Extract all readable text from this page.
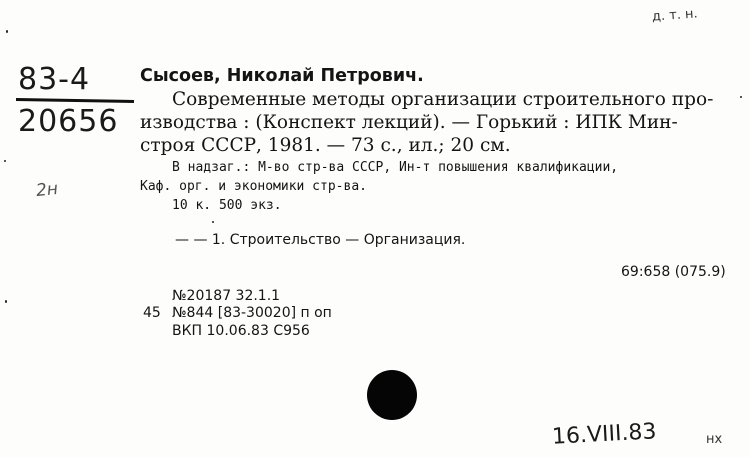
д. т. н.
83-4
20656
2н
Сысоев, Николай Петрович.
Современные методы организации строительного про-
изводства : (Конспект лекций). — Горький : ИПК Мин-
строя СССР, 1981. — 73 с., ил.; 20 см.
В надзаг.: М-во стр-ва СССР, Ин-т повышения квалификации,
Каф. орг. и экономики стр-ва.
10 к. 500 экз.
— — 1. Строительство — Организация.
69:658 (075.9)
№20187 32.1.1
45 №844 [83-30020] п оп
ВКП 10.06.83 С956
16.VIII.83	нх
